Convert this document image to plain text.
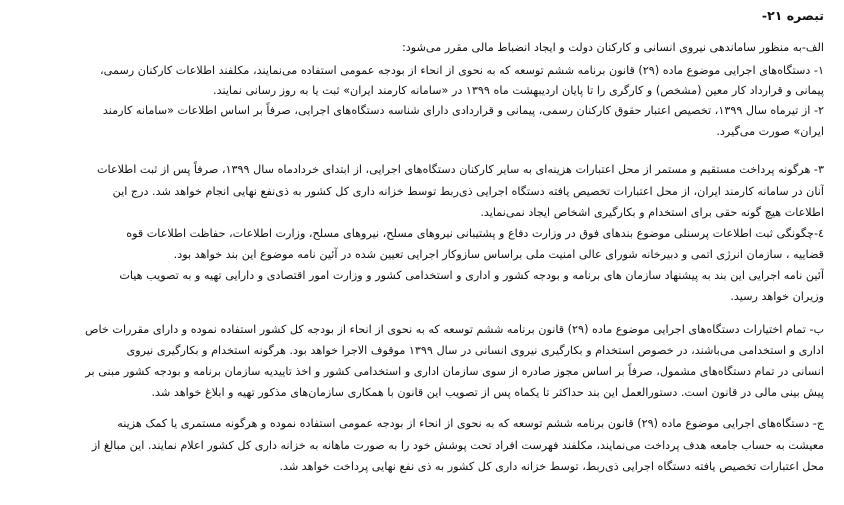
تبصره ۲۱-
الف-به منظور ساماندهی نیروی انسانی و کارکنان دولت و ایجاد انضباط مالی مقرر می‌شود:
۱- دستگاه‌های اجرایی موضوع ماده (۲۹) قانون برنامه ششم توسعه که به نحوی از انحاء از بودجه عمومی استفاده می‌نمایند، مکلفند اطلاعات کارکنان رسمی،
پیمانی و قرارداد کار معین (مشخص) و کارگری را تا پایان اردیبهشت ماه ۱۳۹۹ در «سامانه کارمند ایران» ثبت یا به روز رسانی نمایند.
۲- از تیرماه سال ۱۳۹۹، تخصیص اعتبار حقوق کارکنان رسمی، پیمانی و قراردادی دارای شناسه دستگاه‌های اجرایی، صرفاً بر اساس اطلاعات «سامانه کارمند
ایران» صورت می‌گیرد.
۳- هرگونه پرداخت مستقیم و مستمر از محل اعتبارات هزینه‌ای به سایر کارکنان دستگاه‌های اجرایی، از ابتدای خردادماه سال ۱۳۹۹، صرفاً پس از ثبت اطلاعات
آنان در سامانه کارمند ایران، از محل اعتبارات تخصیص یافته دستگاه اجرایی ذی‌ربط توسط خزانه داری کل کشور به ذی‌نفع نهایی انجام خواهد شد. درج این
اطلاعات هیچ گونه حقی برای استخدام و بکارگیری اشخاص ایجاد نمی‌نماید.
٤-چگونگی ثبت اطلاعات پرسنلی موضوع بندهای فوق در وزارت دفاع و پشتیبانی نیروهای مسلح، نیروهای مسلح، وزارت اطلاعات، حفاظت اطلاعات قوه
قضاییه ، سازمان انرژی اتمی و دبیرخانه شورای عالی امنیت ملی براساس سازوکار اجرایی تعیین شده در آئین نامه موضوع این بند خواهد بود.
آئین نامه اجرایی این بند به پیشنهاد سازمان های برنامه و بودجه کشور و اداری و استخدامی کشور و وزارت امور اقتصادی و دارایی تهیه و به تصویب هیات
وزیران خواهد رسید.
ب- تمام اختیارات دستگاه‌های اجرایی موضوع ماده (۲۹) قانون برنامه ششم توسعه که به نحوی از انحاء از بودجه کل کشور استفاده نموده و دارای مقررات خاص
اداری و استخدامی می‌باشند، در خصوص استخدام و بکارگیری نیروی انسانی در سال ۱۳۹۹ موقوف الاجرا خواهد بود. هرگونه استخدام و بکارگیری نیروی
انسانی در تمام دستگاه‌های مشمول، صرفاً بر اساس مجوز صادره از سوی سازمان اداری و استخدامی کشور و اخذ تاییدیه سازمان برنامه و بودجه کشور مبنی بر
پیش بینی مالی در قانون است. دستورالعمل این بند حداکثر تا یکماه پس از تصویب این قانون با همکاری سازمان‌های مذکور تهیه و ابلاغ خواهد شد.
ج- دستگاه‌های اجرایی موضوع ماده (۲۹) قانون برنامه ششم توسعه که به نحوی از انحاء از بودجه عمومی استفاده نموده و هرگونه مستمری یا کمک هزینه
معیشت به حساب جامعه هدف پرداخت می‌نمایند، مکلفند فهرست افراد تحت پوشش خود را به صورت ماهانه به خزانه داری کل کشور اعلام نمایند. این مبالغ از
محل اعتبارات تخصیص یافته دستگاه اجرایی ذی‌ربط، توسط خزانه داری کل کشور به ذی نفع نهایی پرداخت خواهد شد.
